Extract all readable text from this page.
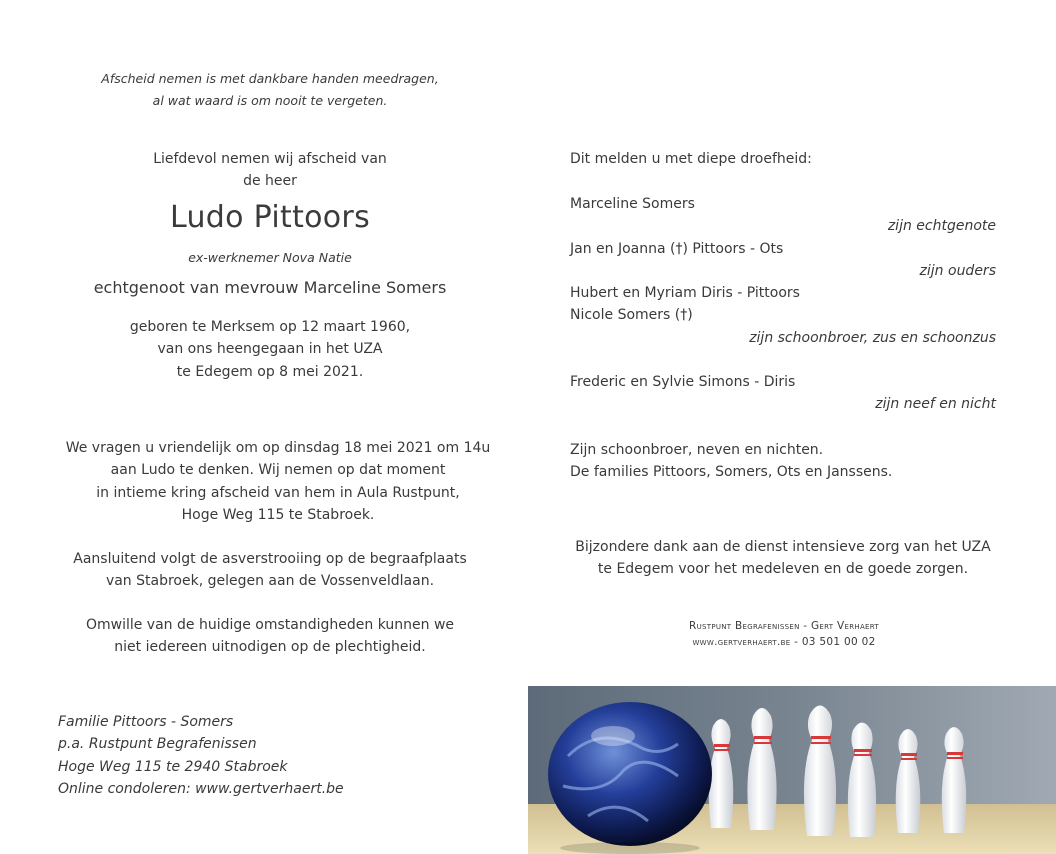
Afscheid nemen is met dankbare handen meedragen,
al wat waard is om nooit te vergeten.
Liefdevol nemen wij afscheid van
de heer
Ludo Pittoors
ex-werknemer Nova Natie
echtgenoot van mevrouw Marceline Somers
geboren te Merksem op 12 maart 1960,
van ons heengegaan in het UZA
te Edegem op 8 mei 2021.
We vragen u vriendelijk om op dinsdag 18 mei 2021 om 14u
aan Ludo te denken. Wij nemen op dat moment
in intieme kring afscheid van hem in Aula Rustpunt,
Hoge Weg 115 te Stabroek.
Aansluitend volgt de asverstrooiing op de begraafplaats
van Stabroek, gelegen aan de Vossenveldlaan.
Omwille van de huidige omstandigheden kunnen we
niet iedereen uitnodigen op de plechtigheid.
Familie Pittoors - Somers
p.a. Rustpunt Begrafenissen
Hoge Weg 115 te 2940 Stabroek
Online condoleren: www.gertverhaert.be
Dit melden u met diepe droefheid:
Marceline Somers
zijn echtgenote
Jan en Joanna (†) Pittoors - Ots
zijn ouders
Hubert en Myriam Diris - Pittoors
Nicole Somers (†)
zijn schoonbroer, zus en schoonzus
Frederic en Sylvie Simons - Diris
zijn neef en nicht
Zijn schoonbroer, neven en nichten.
De families Pittoors, Somers, Ots en Janssens.
Bijzondere dank aan de dienst intensieve zorg van het UZA
te Edegem voor het medeleven en de goede zorgen.
Rustpunt Begrafenissen - Gert Verhaert
www.gertverhaert.be - 03 501 00 02
